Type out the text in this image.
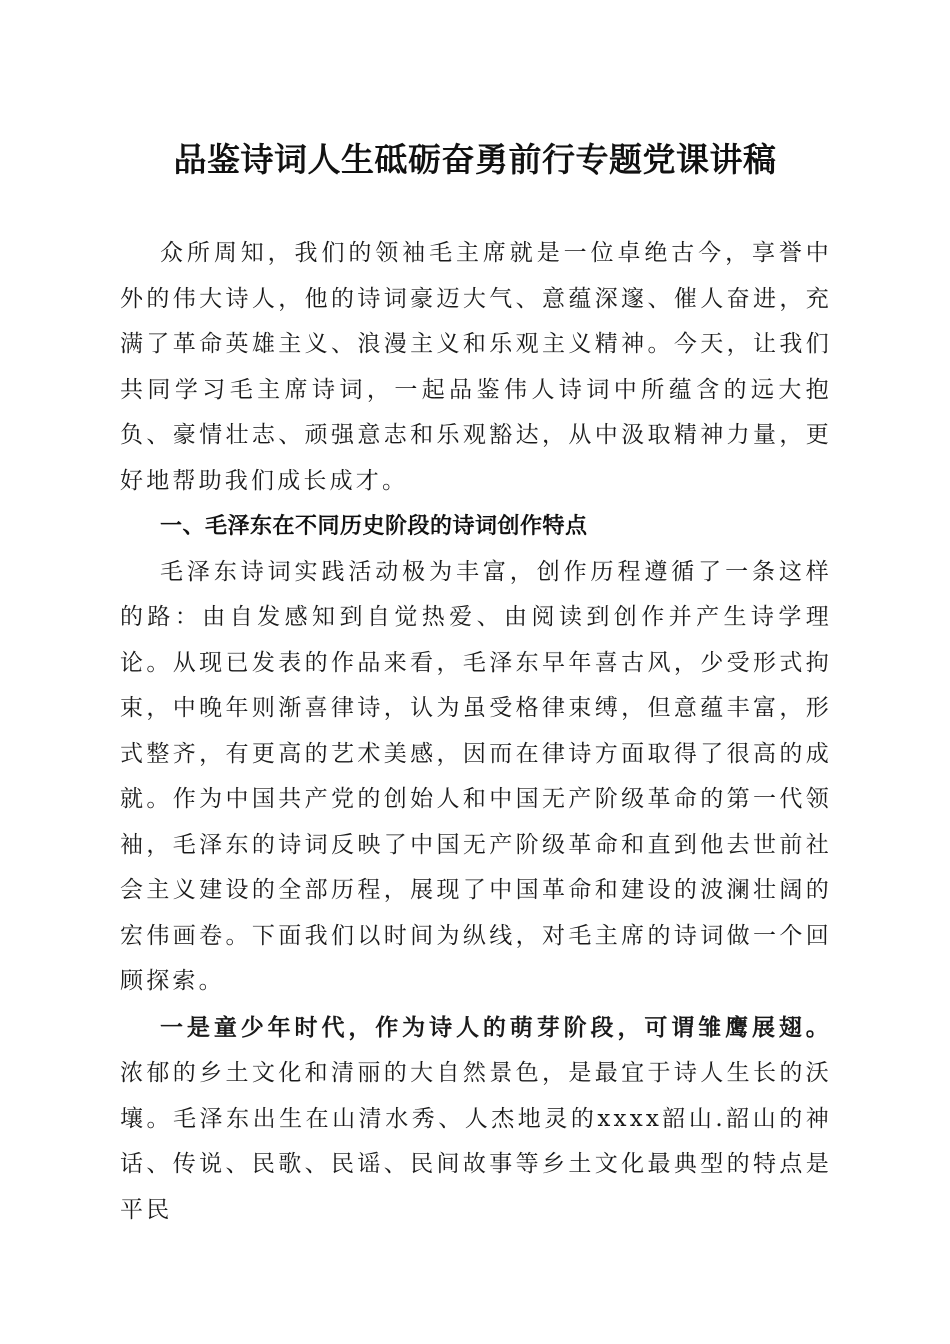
品鉴诗词人生砥砺奋勇前行专题党课讲稿

众所周知，我们的领袖毛主席就是一位卓绝古今，享誉中外的伟大诗人，他的诗词豪迈大气、意蕴深邃、催人奋进，充满了革命英雄主义、浪漫主义和乐观主义精神。今天，让我们共同学习毛主席诗词，一起品鉴伟人诗词中所蕴含的远大抱负、豪情壮志、顽强意志和乐观豁达，从中汲取精神力量，更好地帮助我们成长成才。

一、毛泽东在不同历史阶段的诗词创作特点

毛泽东诗词实践活动极为丰富，创作历程遵循了一条这样的路：由自发感知到自觉热爱、由阅读到创作并产生诗学理论。从现已发表的作品来看，毛泽东早年喜古风，少受形式拘束，中晚年则渐喜律诗，认为虽受格律束缚，但意蕴丰富，形式整齐，有更高的艺术美感，因而在律诗方面取得了很高的成就。作为中国共产党的创始人和中国无产阶级革命的第一代领袖，毛泽东的诗词反映了中国无产阶级革命和直到他去世前社会主义建设的全部历程，展现了中国革命和建设的波澜壮阔的宏伟画卷。下面我们以时间为纵线，对毛主席的诗词做一个回顾探索。

一是童少年时代，作为诗人的萌芽阶段，可谓雏鹰展翅。浓郁的乡土文化和清丽的大自然景色，是最宜于诗人生长的沃壤。毛泽东出生在山清水秀、人杰地灵的xxxx韶山.韶山的神话、传说、民歌、民谣、民间故事等乡土文化最典型的特点是平民
